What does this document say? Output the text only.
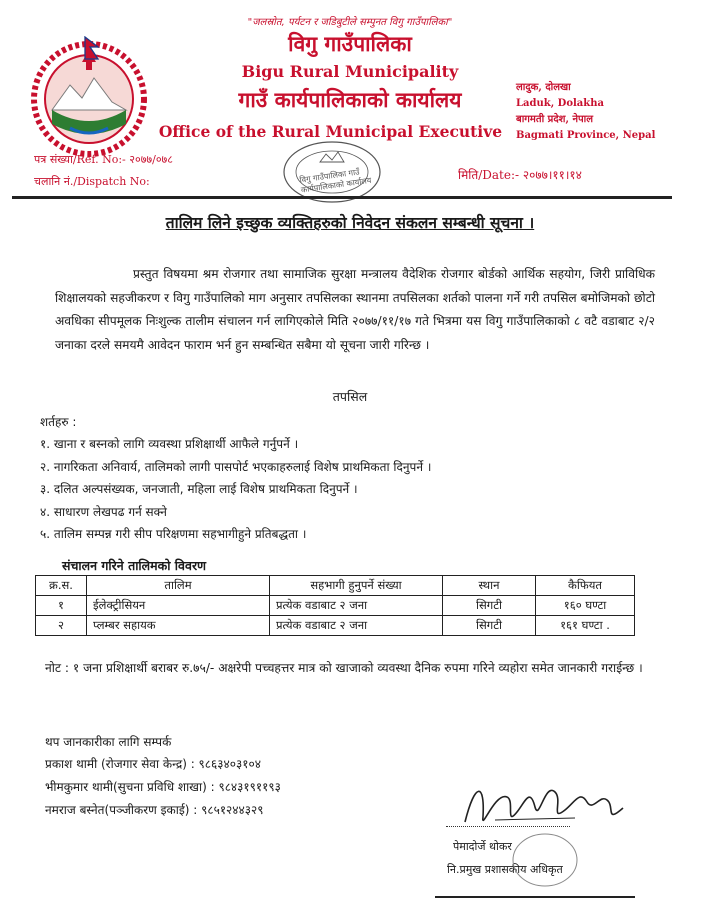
"जलस्रोत, पर्यटन र जडिबुटीले सम्पुनत विगु गाउँपालिका"
विगु गाउँपालिका
Bigu Rural Municipality
गाउँ कार्यपालिकाको कार्यालय
Office of the Rural Municipal Executive
लादुक, दोलखा
Laduk, Dolakha
बागमती प्रदेश, नेपाल
Bagmati Province, Nepal
पत्र संख्या/Ref. No:- २०७७/०७८
चलानि नं./Dispatch No:	मिति/Date:- २०७७।११।१४
विगु गाउँपालिका गाउँ कार्यपालिकाको कार्यालय
तालिम लिने इच्छुक व्यक्तिहरुको निवेदन संकलन सम्बन्धी सूचना ।
प्रस्तुत विषयमा श्रम रोजगार तथा सामाजिक सुरक्षा मन्त्रालय वैदेशिक रोजगार बोर्डको आर्थिक सहयोग, जिरी प्राविधिक शिक्षालयको सहजीकरण र विगु गाउँपालिको माग अनुसार तपसिलका स्थानमा तपसिलका शर्तको पालना गर्ने गरी तपसिल बमोजिमको छोटो अवधिका सीपमूलक निःशुल्क तालीम संचालन गर्न लागिएकोले मिति २०७७/११/१७ गते भित्रमा यस विगु गाउँपालिकाको ८ वटै वडाबाट २/२ जनाका दरले समयमै आवेदन फाराम भर्न हुन सम्बन्धित सबैमा यो सूचना जारी गरिन्छ ।
तपसिल
शर्तहरु :
१. खाना र बस्नको लागि व्यवस्था प्रशिक्षार्थी आफैले गर्नुपर्ने ।
२. नागरिकता अनिवार्य, तालिमको लागी पासपोर्ट भएकाहरुलाई विशेष प्राथमिकता दिनुपर्ने ।
३. दलित अल्पसंख्यक, जनजाती, महिला लाई विशेष प्राथमिकता दिनुपर्ने ।
४. साधारण लेखपढ गर्न सक्ने
५. तालिम सम्पन्न गरी सीप परिक्षणमा सहभागीहुने प्रतिबद्धता ।
संचालन गरिने तालिमको विवरण
क्र.स.	तालिम	सहभागी हुनुपर्ने संख्या	स्थान	कैफियत
१	ईलेक्ट्रीसियन	प्रत्येक वडाबाट २ जना	सिगटी	१६० घण्टा
२	प्लम्बर सहायक	प्रत्येक वडाबाट २ जना	सिगटी	१६१ घण्टा .
नोट : १ जना प्रशिक्षार्थी बराबर रु.७५/- अक्षरेपी पच्चहत्तर मात्र को खाजाको व्यवस्था दैनिक रुपमा गरिने व्यहोरा समेत जानकारी गराईन्छ ।
थप जानकारीका लागि सम्पर्क
प्रकाश थामी (रोजगार सेवा केन्द्र) : ९८६३४०३१०४
भीमकुमार थामी(सुचना प्रविधि शाखा) : ९८४३१९११९३
नमराज बस्नेत(पञ्जीकरण इकाई) : ९८५१२४४३२९
पेमादोर्जे थोकर
नि.प्रमुख प्रशासकीय अधिकृत
